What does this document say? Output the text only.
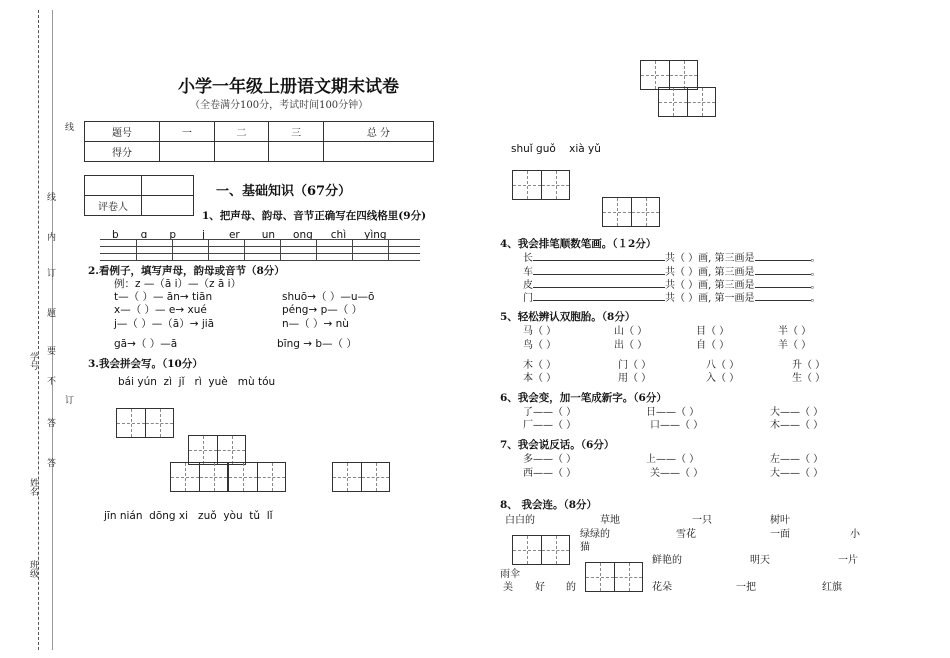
线
线
内
订
题
要
不
订
答
答
学号
姓名
班级
小学一年级上册语文期末试卷
（全卷满分100分，考试时间100分钟）
题号	一	二	三	总 分
得分				

评卷人	
一、基础知识（67分）
1、把声母、韵母、音节正确写在四线格里(9分)
b ɑ p j er un ong chì yìng
2.看例子，填写声母，韵母或音节（8分）
例：z —（ā i）—（z ā i）
t—（ ）— ān→ tiān	shuō→（ ）—u—ō
x—（ ）— e→ xué	péng→ p—（ ）
j—（ ）—（ā）→ jiā	n—（ ）→ nù
gā→（ ）—ā	bīng → b—（ ）
3.我会拼会写。（10分）
bái yún  zì  jǐ   rì  yuè   mù tóu
jīn nián  dōng xi   zuǒ  yòu  tǔ  lǐ
shuǐ guǒ    xià yǔ
4、我会排笔顺数笔画。（１2分）
长	共（ ）画, 第三画是	。
车	共（ ）画, 第三画是	。
皮	共（ ）画, 第三画是	。
门	共（ ）画, 第一画是	。
5、轻松辨认双胞胎。（8分）
马（ ）	山（ ）	目（ ）	半（ ）
鸟（ ）	出（ ）	自（ ）	羊（ ）
木（ ）	门（ ）	八（ ）	升（ ）
本（ ）	用（ ）	入（ ）	生（ ）
6、我会变，加一笔成新字。（6分）
了——（ ）	日——（ ）	大——（ ）
厂——（ ）	口——（ ）	木——（ ）
7、我会说反话。（6分）
多——（ ）	上——（ ）	左——（ ）
西——（ ）	关——（ ）	大——（ ）
8、 我会连。（8分）
白白的	草地	一只	树叶
绿绿的	雪花	一面	小
猫
鲜艳的	明天	一片
雨伞
美 好 的	花朵	一把	红旗
